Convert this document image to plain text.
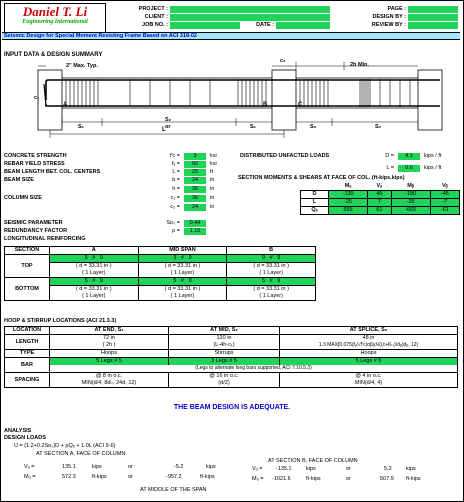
Daniel T. Li
Engineering International
PROJECT :
CLIENT :
JOB NO. :	DATE :
PAGE :
DESIGN BY :
REVIEW BY :
Seismic Design for Special Moment Resisting Frame Based on ACI 318-02
INPUT DATA & DESIGN SUMMARY
2" Max. Typ.	2h Min.
c₂
c₁
A	B	C
L
S₁
S₂
or	S₁	S₃	S₂
CONCRETE STRENGTH	f′c =	3	ksi
REBAR YIELD STRESS	fᵧ =	60	ksi
BEAM LENGTH BET. COL. CENTERS	L =	25	ft
BEAM SIZE	b =	24	in
h =	36	in
COLUMN SIZE	c₁ =	36	in
c₂ =	24	in
SEISMIC PARAMETER	Sᴅₛ =	0.44
REDUNDANCY FACTOR	ρ =	1.15
LONGITUDINAL REINFORCING
DISTRIBUTED UNFACTED LOADS	D =	4.1	kips / ft
L =	0.6	kips / ft
SECTION MOMENTS & SHEARS AT FACE OF COL. (ft-kips,kips)
	Mₐ	Vₐ	Mᵦ	Vᵦ
D	-130	45	-180	-45
L	-25	7	-25	-7
Qₑ	665	61	-665	-61
SECTION	A	MID SPAN	B
TOP	5 # 9	3 # 9	9 # 9
	( d = 33.31 in )	( d = 33.31 in )	( d = 33.31 in )
	( 1 Layer)	( 1 Layer)	( 1 Layer)
BOTTOM	5 # 9	5 # 9	5 # 9
	( d = 33.31 in )	( d = 33.31 in )	( d = 33.31 in )
	( 1 Layer)	( 1 Layer)	( 1 Layer)
HOOP & STIRRUP LOCATIONS (ACI 21.3.3)
LOCATION	AT END, S₁	AT MID, S₂	AT SPLICE, S₃
LENGTH	72 in	120 in	48 in
	( 2h )	(L-4h-c₁)	1.3 MAX[0.075(fᵧ/√f′c)αβγλ/((c+Kₜᵣ)/dᵦ)dᵦ, 12)
TYPE	Hoops	Stirrups	Hoops
BAR	5 Legs # 5	3 Legs # 5	5 Legs # 5
	(Legs to alternate long bars supported, ACI 7.10.5.3)		
SPACING	@ 8 in o.c.	@ 16 in o.c.	@ 4 in o.c.
	MIN(d/4, 8d♭, 24d, 12)	(d/2)	MIN(d/4, 4)
THE BEAM DESIGN IS ADEQUATE.
ANALYSIS
DESIGN LOADS
U = (1.2+0.2Sᴅₛ)D + ρQₑ + 1.0L (ACI 9-6)
AT SECTION A, FACE OF COLUMN
AT SECTION B, FACE OF COLUMN
Vᵤ =	135.1	kips	or	-5.2	kips
Mᵤ =	572.3	ft-kips	or	-957.2	ft-kips
Vᵤ = -135.1	kips	or	5.2	kips
Mᵤ = -1021.6	ft-kips	or	507.9 ft-kips
AT MIDDLE OF THE SPAN
